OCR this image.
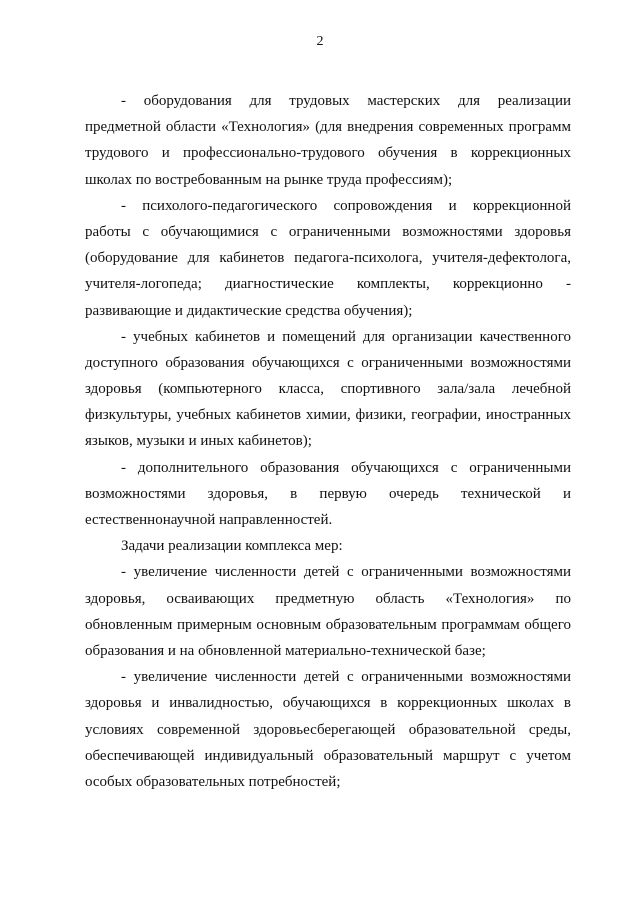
2
- оборудования для трудовых мастерских для реализации
предметной области «Технология» (для внедрения современных программ
трудового и профессионально-трудового обучения в коррекционных
школах по востребованным на рынке труда профессиям);
- психолого-педагогического сопровождения и коррекционной
работы с обучающимися с ограниченными возможностями здоровья
(оборудование для кабинетов педагога-психолога, учителя-дефектолога,
учителя-логопеда; диагностические комплекты, коррекционно -
развивающие и дидактические средства обучения);
- учебных кабинетов и помещений для организации качественного
доступного образования обучающихся с ограниченными возможностями
здоровья (компьютерного класса, спортивного зала/зала лечебной
физкультуры, учебных кабинетов химии, физики, географии, иностранных
языков, музыки и иных кабинетов);
- дополнительного образования обучающихся с ограниченными
возможностями здоровья, в первую очередь технической и
естественнонаучной направленностей.
Задачи реализации комплекса мер:
- увеличение численности детей с ограниченными возможностями
здоровья, осваивающих предметную область «Технология» по
обновленным примерным основным образовательным программам общего
образования и на обновленной материально-технической базе;
- увеличение численности детей с ограниченными возможностями
здоровья и инвалидностью, обучающихся в коррекционных школах в
условиях современной здоровьесберегающей образовательной среды,
обеспечивающей индивидуальный образовательный маршрут с учетом
особых образовательных потребностей;
